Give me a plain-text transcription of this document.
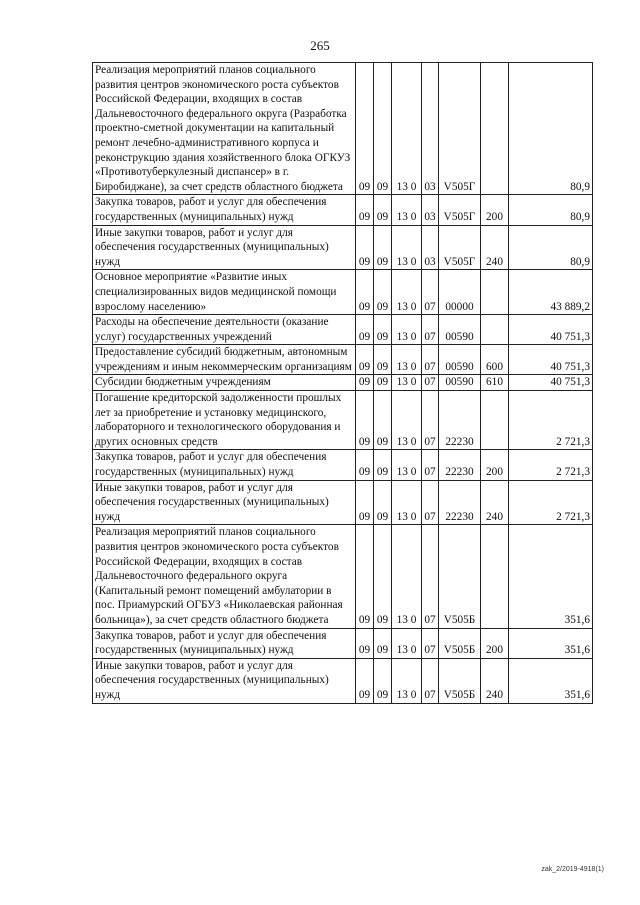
265
Реализация мероприятий планов социального развития центров экономического роста субъектов Российской Федерации, входящих в состав Дальневосточного федерального округа (Разработка проектно-сметной документации на капитальный ремонт лечебно-административного корпуса и реконструкцию здания хозяйственного блока ОГКУЗ «Противотуберкулезный диспансер» в г. Биробиджане), за счет средств областного бюджета	09	09	13 0	03	V505Г		80,9
Закупка товаров, работ и услуг для обеспечения государственных (муниципальных) нужд	09	09	13 0	03	V505Г	200	80,9
Иные закупки товаров, работ и услуг для обеспечения государственных (муниципальных) нужд	09	09	13 0	03	V505Г	240	80,9
Основное мероприятие «Развитие иных специализированных видов медицинской помощи взрослому населению»	09	09	13 0	07	00000		43 889,2
Расходы на обеспечение деятельности (оказание услуг) государственных учреждений	09	09	13 0	07	00590		40 751,3
Предоставление субсидий бюджетным, автономным учреждениям и иным некоммерческим организациям	09	09	13 0	07	00590	600	40 751,3
Субсидии бюджетным учреждениям	09	09	13 0	07	00590	610	40 751,3
Погашение кредиторской задолженности прошлых лет за приобретение и установку медицинского, лабораторного и технологического оборудования и других основных средств	09	09	13 0	07	22230		2 721,3
Закупка товаров, работ и услуг для обеспечения государственных (муниципальных) нужд	09	09	13 0	07	22230	200	2 721,3
Иные закупки товаров, работ и услуг для обеспечения государственных (муниципальных) нужд	09	09	13 0	07	22230	240	2 721,3
Реализация мероприятий планов социального развития центров экономического роста субъектов Российской Федерации, входящих в состав Дальневосточного федерального округа (Капитальный ремонт помещений амбулатории в пос. Приамурский ОГБУЗ «Николаевская районная больница»), за счет средств областного бюджета	09	09	13 0	07	V505Б		351,6
Закупка товаров, работ и услуг для обеспечения государственных (муниципальных) нужд	09	09	13 0	07	V505Б	200	351,6
Иные закупки товаров, работ и услуг для обеспечения государственных (муниципальных) нужд	09	09	13 0	07	V505Б	240	351,6
zak_2/2019-4918(1)
